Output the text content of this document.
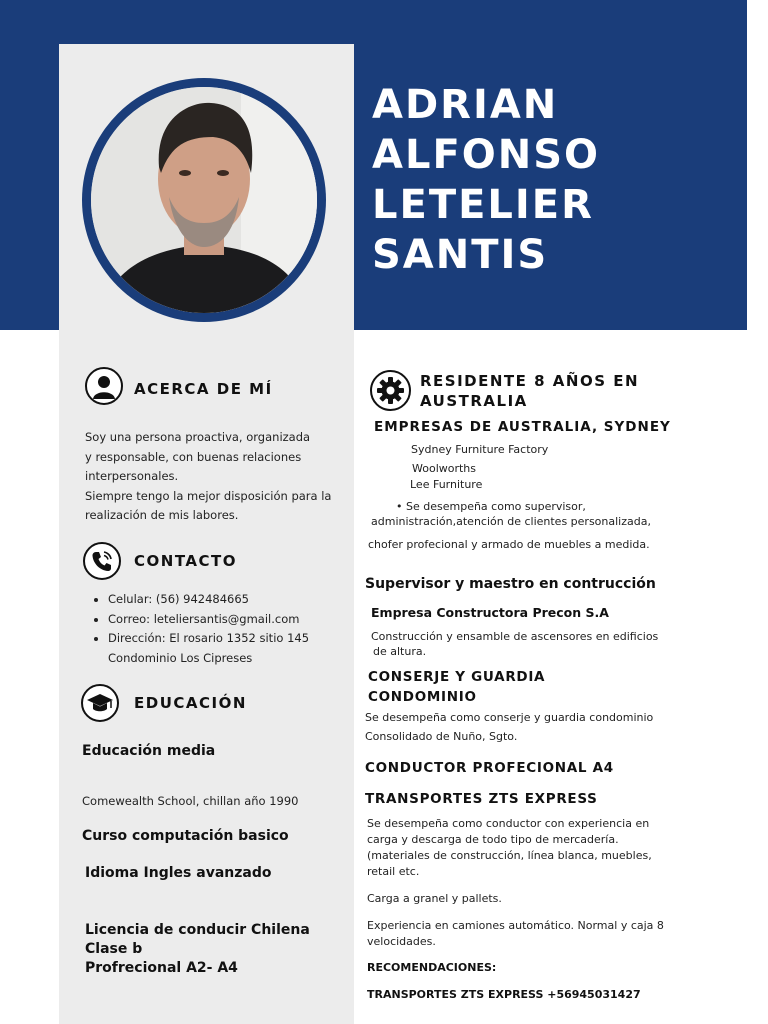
ADRIAN
ALFONSO
LETELIER
SANTIS
ACERCA DE MÍ
Soy una persona proactiva, organizada
y responsable, con buenas relaciones
interpersonales.
Siempre tengo la mejor disposición para la
realización de mis labores.
CONTACTO
• Celular: (56) 942484665
• Correo: leteliersantis@gmail.com
• Dirección: El rosario 1352 sitio 145
Condominio Los Cipreses
EDUCACIÓN
Educación media
Comewealth School, chillan año 1990
Curso computación basico
Idioma Ingles avanzado
Licencia de conducir Chilena
Clase b
Profrecional A2- A4
RESIDENTE 8 AÑOS EN
AUSTRALIA
EMPRESAS DE AUSTRALIA, SYDNEY
Sydney Furniture Factory
Woolworths
Lee Furniture
• Se desempeña como supervisor,
administración,atención de clientes personalizada,
chofer profecional y armado de muebles a medida.
Supervisor y maestro en contrucción
Empresa Constructora Precon S.A
Construcción y ensamble de ascensores en edificios
de altura.
CONSERJE Y GUARDIA
CONDOMINIO
Se desempeña como conserje y guardia condominio
Consolidado de Nuño, Sgto.
CONDUCTOR PROFECIONAL A4
TRANSPORTES ZTS EXPRESS
Se desempeña como conductor con experiencia en
carga y descarga de todo tipo de mercadería.
(materiales de construcción, línea blanca, muebles,
retail etc.
Carga a granel y pallets.
Experiencia en camiones automático. Normal y caja 8
velocidades.
RECOMENDACIONES:
TRANSPORTES ZTS EXPRESS +56945031427
